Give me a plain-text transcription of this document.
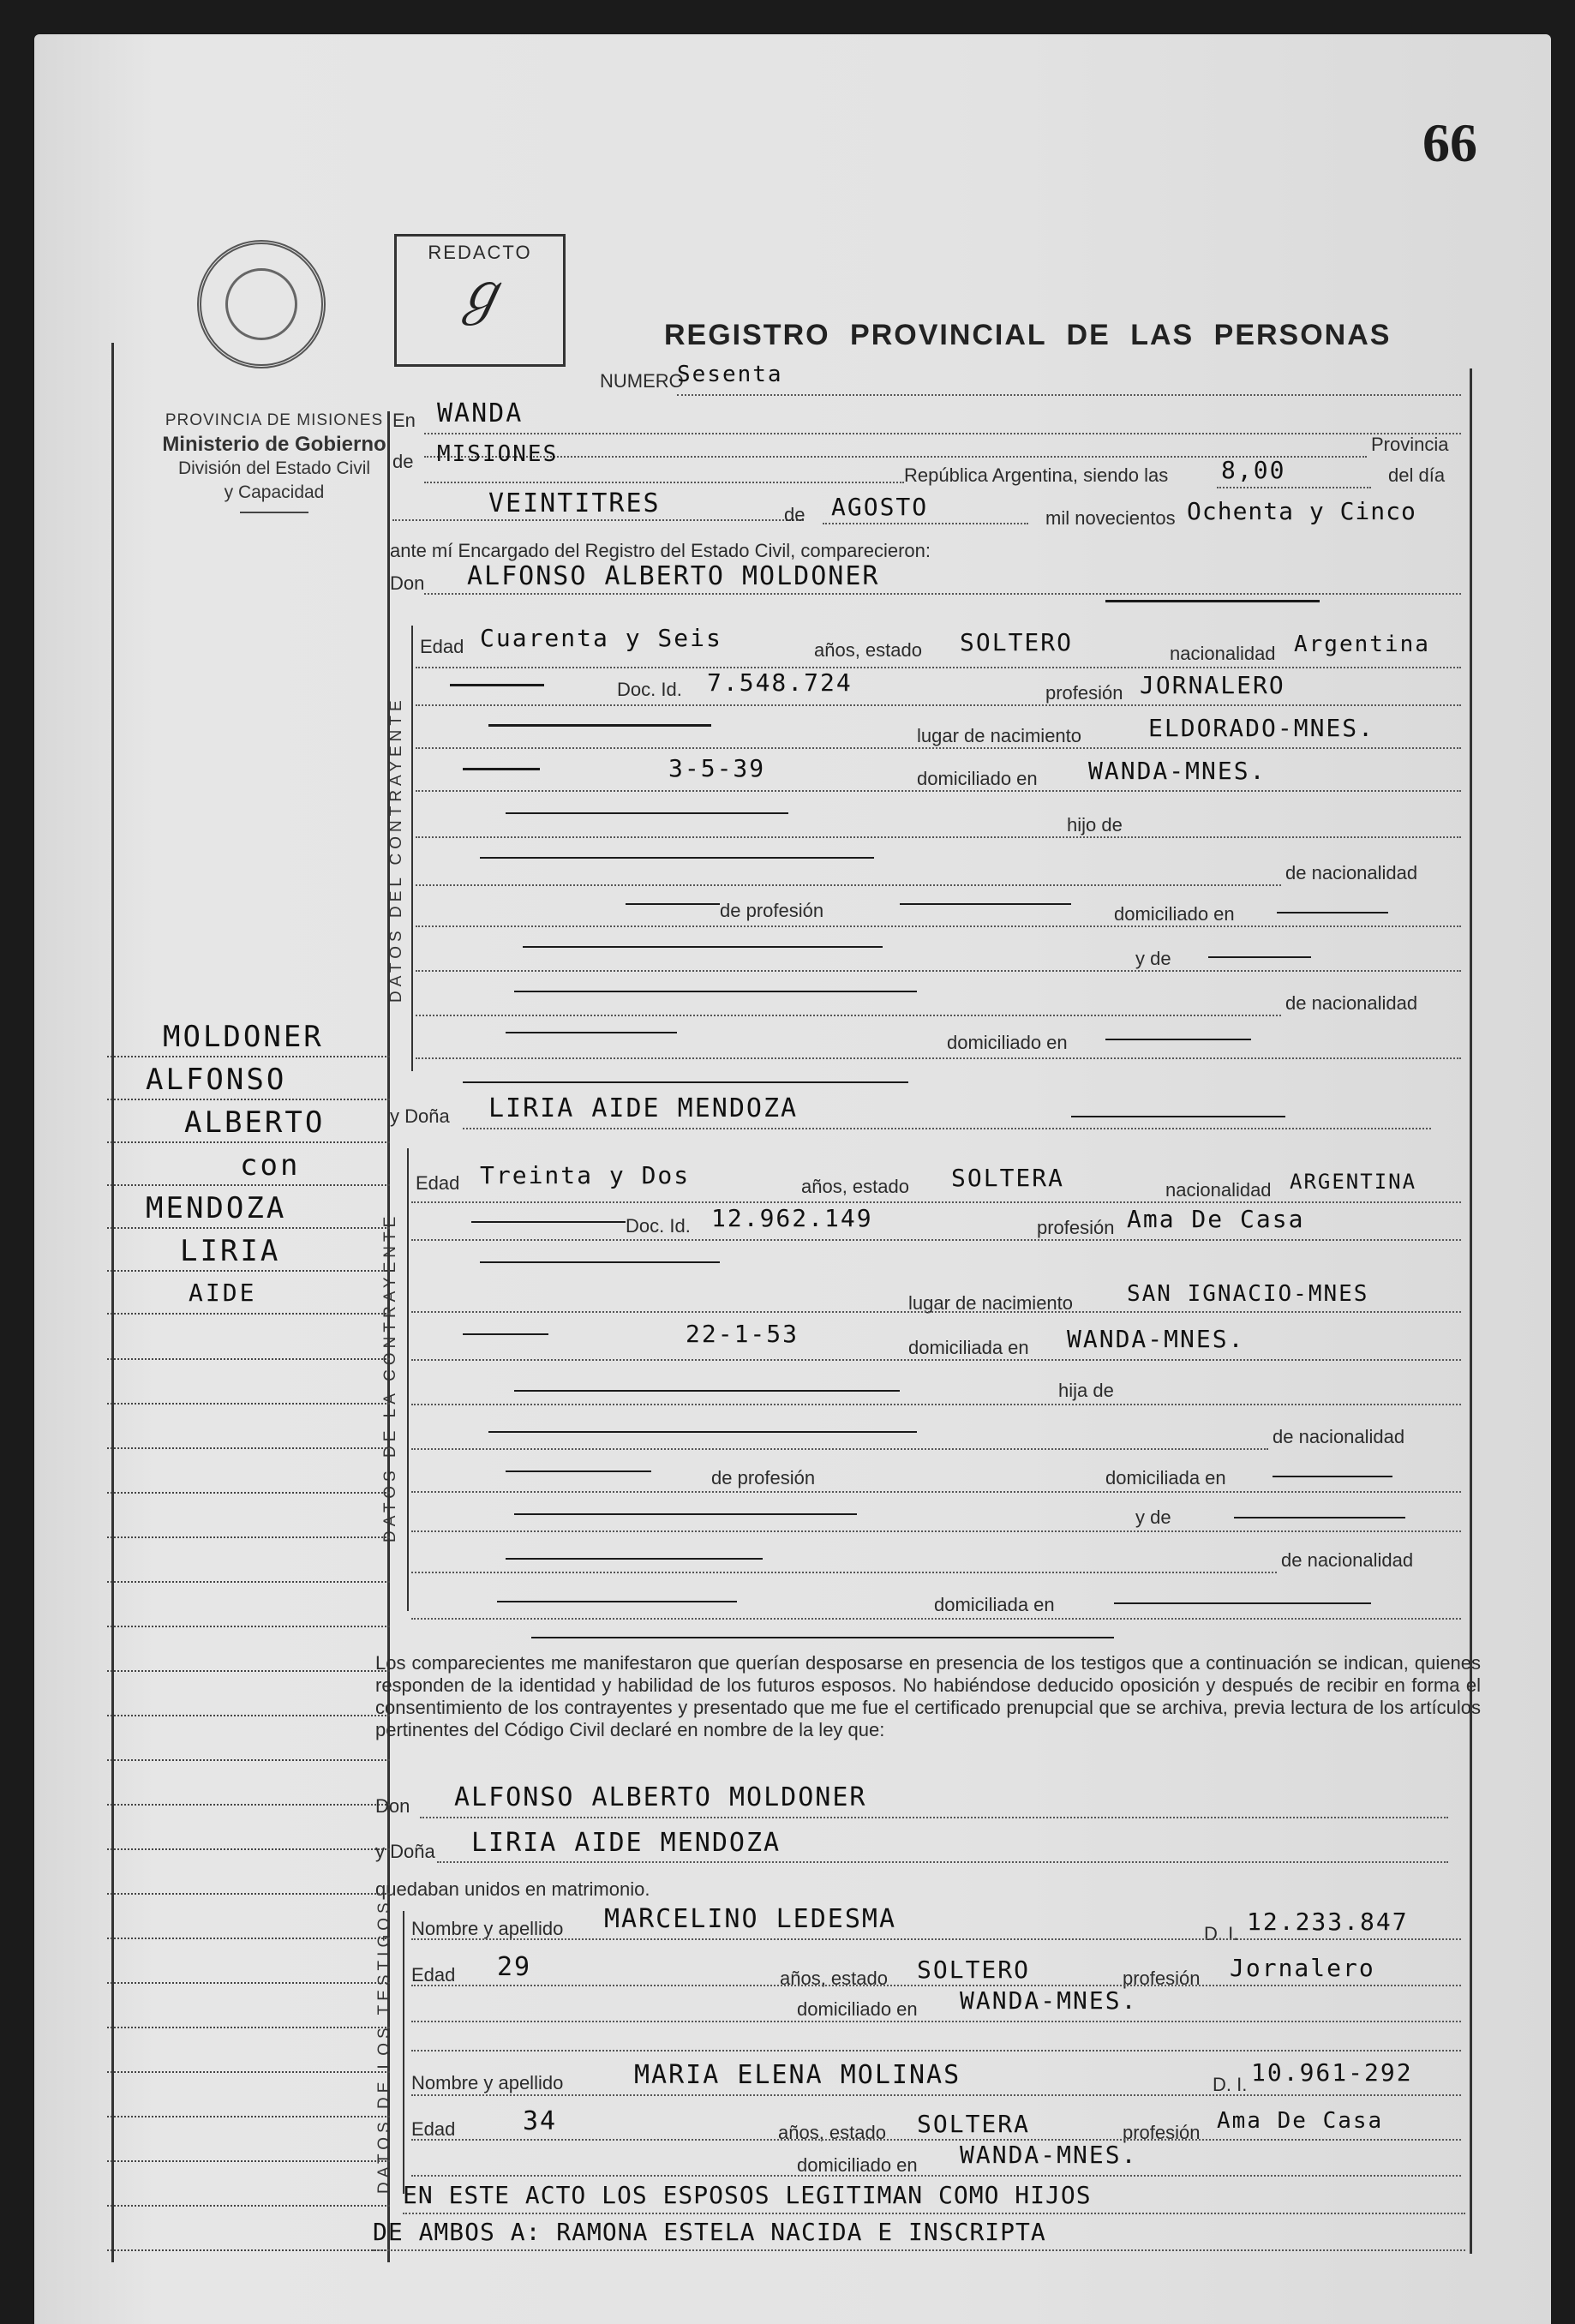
66
PROVINCIA DE MISIONES
Ministerio de Gobierno
División del Estado Civil
y Capacidad
REDACTO
ℊ
REGISTRO PROVINCIAL DE LAS PERSONAS
NUMERO
Sesenta
En WANDA
Provincia
de MISIONES
República Argentina, siendo las 8,00	del día
VEINTITRES	de AGOSTO	mil novecientos Ochenta y Cinco
ante mí Encargado del Registro del Estado Civil, comparecieron:
Don ALFONSO ALBERTO MOLDONER
DATOS DEL CONTRAYENTE
Edad Cuarenta y Seis	años, estado SOLTERO	nacionalidad Argentina
Doc. Id. 7.548.724	profesión JORNALERO
lugar de nacimiento	ELDORADO-MNES.
3-5-39	domiciliado en WANDA-MNES.
hijo de
de nacionalidad
de profesión	domiciliado en
y de
de nacionalidad
domiciliado en
y Doña LIRIA AIDE MENDOZA
DATOS DE LA CONTRAYENTE
Edad Treinta y Dos	años, estado SOLTERA	nacionalidad ARGENTINA
Doc. Id. 12.962.149	profesión Ama De Casa
lugar de nacimiento SAN IGNACIO-MNES
22-1-53	domiciliada en WANDA-MNES.
hija de
de nacionalidad
de profesión	domiciliada en
y de
de nacionalidad
domiciliada en
Los comparecientes me manifestaron que querían desposarse en presencia de los testigos que a continuación se indican, quienes responden de la identidad y habilidad de los futuros esposos. No habiéndose deducido oposición y después de recibir en forma el consentimiento de los contrayentes y presentado que me fue el certificado prenupcial que se archiva, previa lectura de los artículos pertinentes del Código Civil declaré en nombre de la ley que:
Don ALFONSO ALBERTO MOLDONER
y Doña LIRIA AIDE MENDOZA
quedaban unidos en matrimonio.
DATOS DE LOS TESTIGOS Nombre y apellido MARCELINO LEDESMA	D. I. 12.233.847
Edad 29	años, estado SOLTERO	profesión Jornalero
domiciliado en WANDA-MNES.
Nombre y apellido	MARIA ELENA MOLINAS	D. I. 10.961-292
Edad	34	años, estado SOLTERA	profesión Ama De Casa
domiciliado en WANDA-MNES.
EN ESTE ACTO LOS ESPOSOS LEGITIMAN COMO HIJOS
DE AMBOS A: RAMONA ESTELA NACIDA E INSCRIPTA
MOLDONER
ALFONSO
ALBERTO
con
MENDOZA
LIRIA
AIDE
